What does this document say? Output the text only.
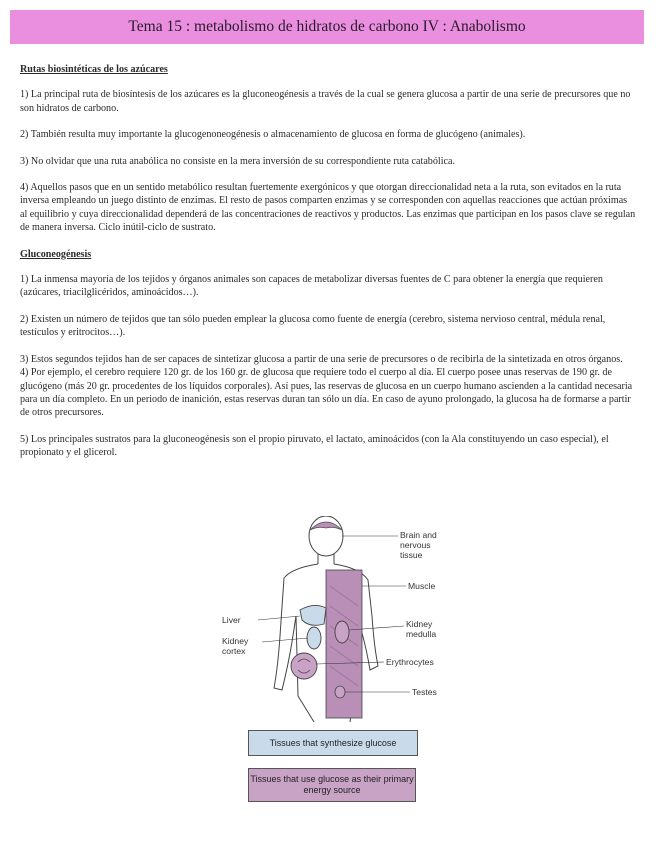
Tema 15 : metabolismo de hidratos de carbono IV : Anabolismo

Rutas biosintéticas de los azúcares

1) La principal ruta de biosíntesis de los azúcares es la gluconeogénesis a través de la cual se genera glucosa a partir de una serie de precursores que no son hidratos de carbono.

2) También resulta muy importante la glucogenoneogénesis o almacenamiento de glucosa en forma de glucógeno (animales).

3) No olvidar que una ruta anabólica no consiste en la mera inversión de su correspondiente ruta catabólica.

4) Aquellos pasos que en un sentido metabólico resultan fuertemente exergónicos y que otorgan direccionalidad neta a la ruta, son evitados en la ruta inversa empleando un juego distinto de enzimas. El resto de pasos comparten enzimas y se corresponden con aquellas reacciones que actúan próximas al equilibrio y cuya direccionalidad dependerá de las concentraciones de reactivos y productos. Las enzimas que participan en los pasos clave se regulan de manera inversa. Ciclo inútil-ciclo de sustrato.

Gluconeogénesis

1) La inmensa mayoría de los tejidos y órganos animales son capaces de metabolizar diversas fuentes de C para obtener la energía que requieren (azúcares, triacilglicéridos, aminoácidos…).

2) Existen un número de tejidos que tan sólo pueden emplear la glucosa como fuente de energía (cerebro, sistema nervioso central, médula renal, testículos y eritrocitos…).

3) Estos segundos tejidos han de ser capaces de sintetizar glucosa a partir de una serie de precursores o de recibirla de la sintetizada en otros órganos.

4) Por ejemplo, el cerebro requiere 120 gr. de los 160 gr. de glucosa que requiere todo el cuerpo al día. El cuerpo posee unas reservas de 190 gr. de glucógeno (más 20 gr. procedentes de los líquidos corporales). Así pues, las reservas de glucosa en un cuerpo humano ascienden a la cantidad necesaria para un día completo. En un periodo de inanición, estas reservas duran tan sólo un día. En caso de ayuno prolongado, la glucosa ha de formarse a partir de otros precursores.

5) Los principales sustratos para la gluconeogénesis son el propio piruvato, el lactato, aminoácidos (con la Ala constituyendo un caso especial), el propionato y el glicerol.

Brain and nervous tissue
Muscle
Liver
Kidney cortex
Kidney medulla
Erythrocytes
Testes
Tissues that synthesize glucose
Tissues that use glucose as their primary energy source
